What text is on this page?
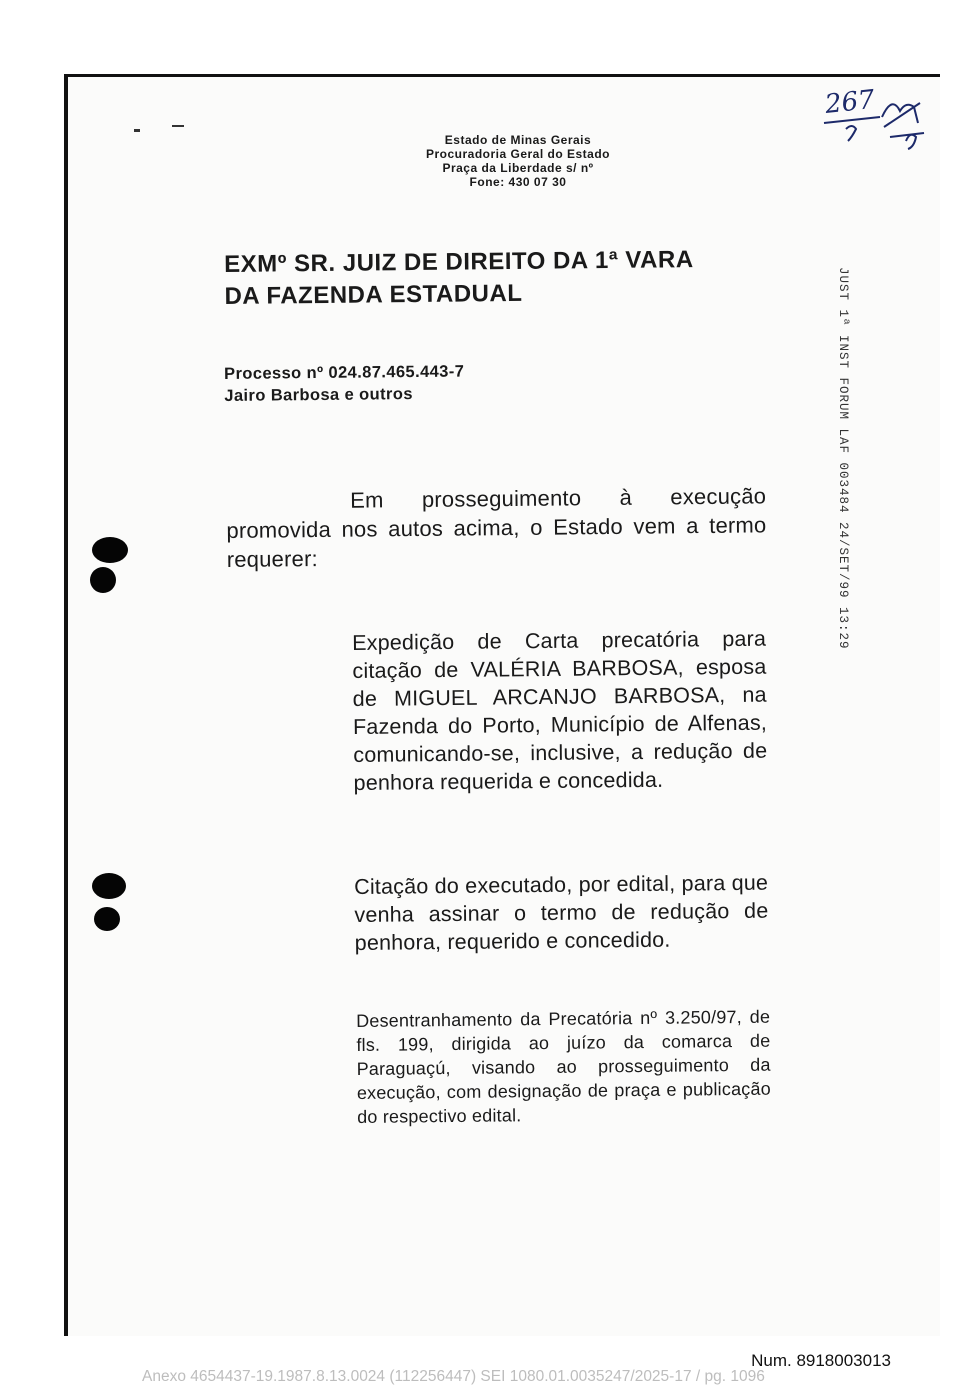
Estado de Minas Gerais
Procuradoria Geral do Estado
Praça da Liberdade s/ nº
Fone: 430 07 30
267
EXMº SR. JUIZ DE DIREITO DA 1ª VARA
DA FAZENDA ESTADUAL
Processo nº 024.87.465.443-7
Jairo Barbosa e outros
Em prosseguimento à execução promovida nos autos acima, o Estado vem a termo requerer:
Expedição de Carta precatória para citação de VALÉRIA BARBOSA, esposa de MIGUEL ARCANJO BARBOSA, na Fazenda do Porto, Município de Alfenas, comunicando-se, inclusive, a redução de penhora requerida e concedida.
Citação do executado, por edital, para que venha assinar o termo de redução de penhora, requerido e concedido.
Desentranhamento da Precatória nº 3.250/97, de fls. 199, dirigida ao juízo da comarca de Paraguaçú, visando ao prosseguimento da execução, com designação de praça e publicação do respectivo edital.
JUST 1ª INST FORUM LAF 003484 24/SET/99 13:29
Num. 8918003013
Anexo 4654437-19.1987.8.13.0024 (112256447) SEI 1080.01.0035247/2025-17 / pg. 1096
